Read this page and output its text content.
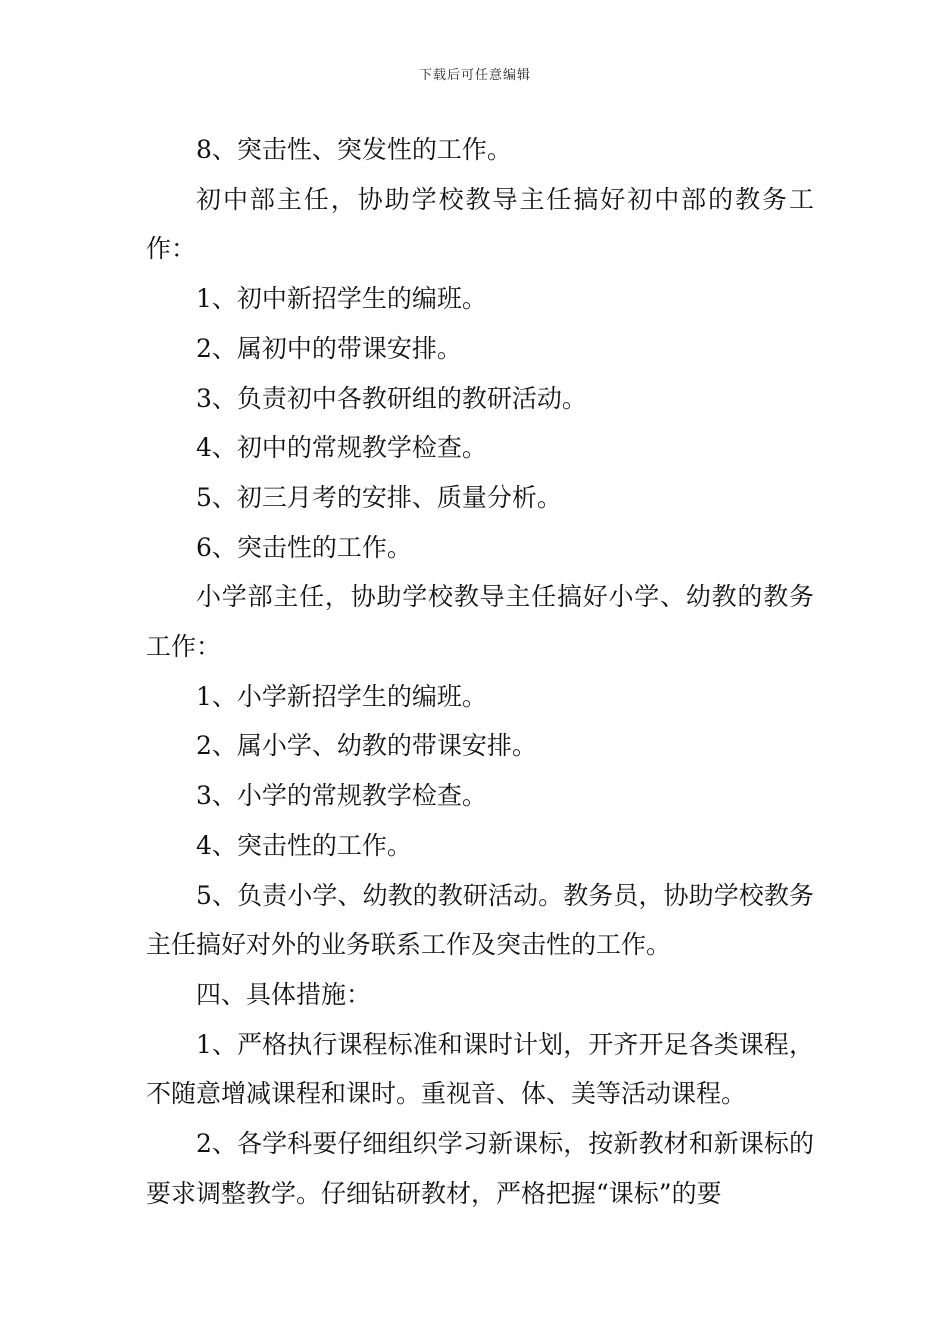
下载后可任意编辑

8、突击性、突发性的工作。

初中部主任，协助学校教导主任搞好初中部的教务工作：

1、初中新招学生的编班。

2、属初中的带课安排。

3、负责初中各教研组的教研活动。

4、初中的常规教学检查。

5、初三月考的安排、质量分析。

6、突击性的工作。

小学部主任，协助学校教导主任搞好小学、幼教的教务工作：

1、小学新招学生的编班。

2、属小学、幼教的带课安排。

3、小学的常规教学检查。

4、突击性的工作。

5、负责小学、幼教的教研活动。教务员，协助学校教务主任搞好对外的业务联系工作及突击性的工作。

四、具体措施：

1、严格执行课程标准和课时计划，开齐开足各类课程，不随意增减课程和课时。重视音、体、美等活动课程。

2、各学科要仔细组织学习新课标，按新教材和新课标的要求调整教学。仔细钻研教材，严格把握“课标”的要
